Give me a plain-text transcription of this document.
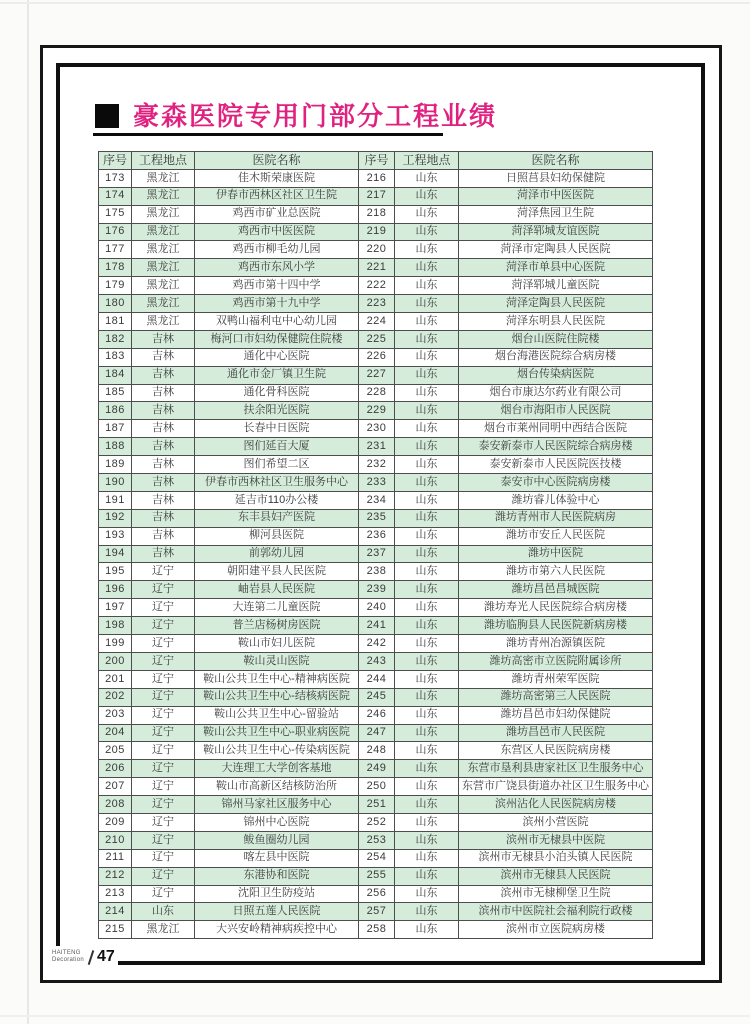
豪森医院专用门部分工程业绩
序号	工程地点	医院名称	序号	工程地点	医院名称
173	黑龙江	佳木斯荣康医院	216	山东	日照莒县妇幼保健院
174	黑龙江	伊春市西林区社区卫生院	217	山东	菏泽市中医医院
175	黑龙江	鸡西市矿业总医院	218	山东	菏泽焦园卫生院
176	黑龙江	鸡西市中医医院	219	山东	菏泽郓城友谊医院
177	黑龙江	鸡西市柳毛幼儿园	220	山东	菏泽市定陶县人民医院
178	黑龙江	鸡西市东风小学	221	山东	菏泽市单县中心医院
179	黑龙江	鸡西市第十四中学	222	山东	菏泽郓城儿童医院
180	黑龙江	鸡西市第十九中学	223	山东	菏泽定陶县人民医院
181	黑龙江	双鸭山福利屯中心幼儿园	224	山东	菏泽东明县人民医院
182	吉林	梅河口市妇幼保健院住院楼	225	山东	烟台山医院住院楼
183	吉林	通化中心医院	226	山东	烟台海港医院综合病房楼
184	吉林	通化市金厂镇卫生院	227	山东	烟台传染病医院
185	吉林	通化骨科医院	228	山东	烟台市康达尔药业有限公司
186	吉林	扶余阳光医院	229	山东	烟台市海阳市人民医院
187	吉林	长春中日医院	230	山东	烟台市莱州同明中西结合医院
188	吉林	图们延百大厦	231	山东	泰安新泰市人民医院综合病房楼
189	吉林	图们希望二区	232	山东	泰安新泰市人民医院医技楼
190	吉林	伊春市西林社区卫生服务中心	233	山东	泰安市中心医院病房楼
191	吉林	延吉市110办公楼	234	山东	潍坊睿儿体验中心
192	吉林	东丰县妇产医院	235	山东	潍坊青州市人民医院病房
193	吉林	柳河县医院	236	山东	潍坊市安丘人民医院
194	吉林	前郭幼儿园	237	山东	潍坊中医院
195	辽宁	朝阳建平县人民医院	238	山东	潍坊市第六人民医院
196	辽宁	岫岩县人民医院	239	山东	潍坊昌邑昌城医院
197	辽宁	大连第二儿童医院	240	山东	潍坊寿光人民医院综合病房楼
198	辽宁	普兰店杨树房医院	241	山东	潍坊临朐县人民医院新病房楼
199	辽宁	鞍山市妇儿医院	242	山东	潍坊青州冶源镇医院
200	辽宁	鞍山灵山医院	243	山东	潍坊高密市立医院附属诊所
201	辽宁	鞍山公共卫生中心-精神病医院	244	山东	潍坊青州荣军医院
202	辽宁	鞍山公共卫生中心-结核病医院	245	山东	潍坊高密第三人民医院
203	辽宁	鞍山公共卫生中心-留验站	246	山东	潍坊昌邑市妇幼保健院
204	辽宁	鞍山公共卫生中心-职业病医院	247	山东	潍坊昌邑市人民医院
205	辽宁	鞍山公共卫生中心-传染病医院	248	山东	东营区人民医院病房楼
206	辽宁	大连理工大学创客基地	249	山东	东营市垦利县唐家社区卫生服务中心
207	辽宁	鞍山市高新区结核防治所	250	山东	东营市广饶县街道办社区卫生服务中心
208	辽宁	锦州马家社区服务中心	251	山东	滨州沾化人民医院病房楼
209	辽宁	锦州中心医院	252	山东	滨州小营医院
210	辽宁	鲅鱼圈幼儿园	253	山东	滨州市无棣县中医院
211	辽宁	喀左县中医院	254	山东	滨州市无棣县小泊头镇人民医院
212	辽宁	东港协和医院	255	山东	滨州市无棣县人民医院
213	辽宁	沈阳卫生防疫站	256	山东	滨州市无棣柳堡卫生院
214	山东	日照五莲人民医院	257	山东	滨州市中医院社会福利院行政楼
215	黑龙江	大兴安岭精神病疾控中心	258	山东	滨州市立医院病房楼
HAITENG
Decoration 47
